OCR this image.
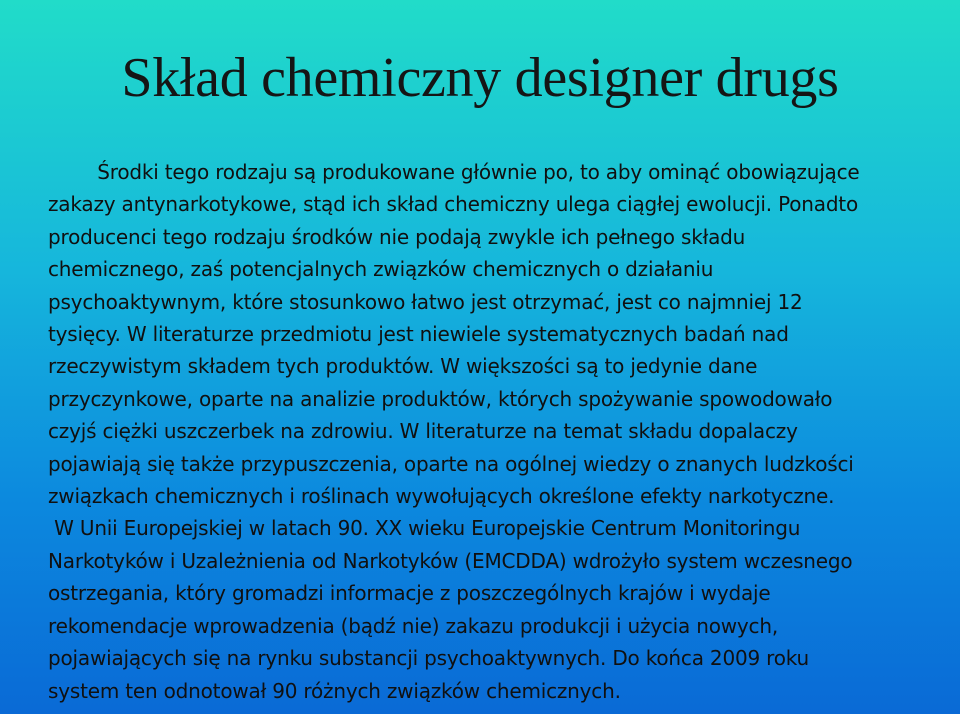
Skład chemiczny designer drugs
Środki tego rodzaju są produkowane głównie po, to aby ominąć obowiązujące
zakazy antynarkotykowe, stąd ich skład chemiczny ulega ciągłej ewolucji. Ponadto
producenci tego rodzaju środków nie podają zwykle ich pełnego składu
chemicznego, zaś potencjalnych związków chemicznych o działaniu
psychoaktywnym, które stosunkowo łatwo jest otrzymać, jest co najmniej 12
tysięcy. W literaturze przedmiotu jest niewiele systematycznych badań nad
rzeczywistym składem tych produktów. W większości są to jedynie dane
przyczynkowe, oparte na analizie produktów, których spożywanie spowodowało
czyjś ciężki uszczerbek na zdrowiu. W literaturze na temat składu dopalaczy
pojawiają się także przypuszczenia, oparte na ogólnej wiedzy o znanych ludzkości
związkach chemicznych i roślinach wywołujących określone efekty narkotyczne.
W Unii Europejskiej w latach 90. XX wieku Europejskie Centrum Monitoringu
Narkotyków i Uzależnienia od Narkotyków (EMCDDA) wdrożyło system wczesnego
ostrzegania, który gromadzi informacje z poszczególnych krajów i wydaje
rekomendacje wprowadzenia (bądź nie) zakazu produkcji i użycia nowych,
pojawiających się na rynku substancji psychoaktywnych. Do końca 2009 roku
system ten odnotował 90 różnych związków chemicznych.
